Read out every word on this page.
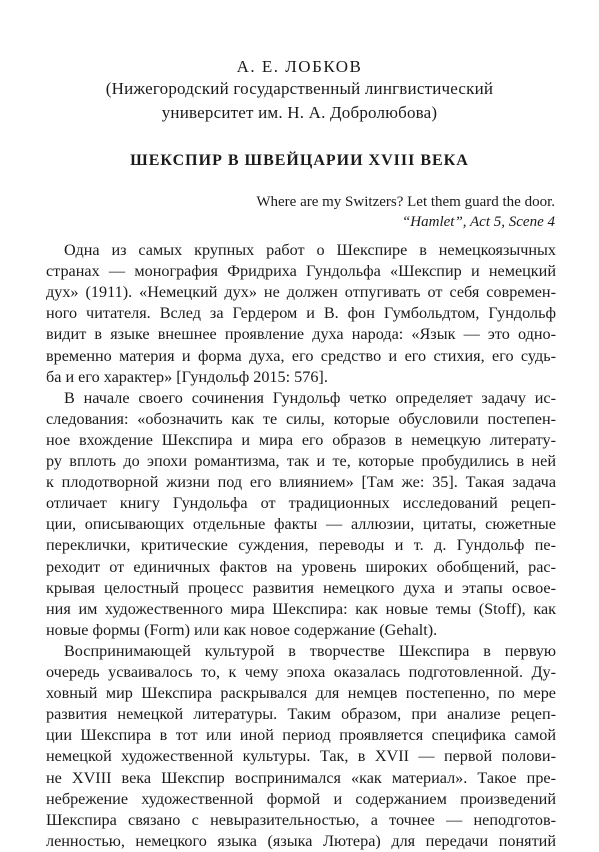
А. Е. ЛОБКОВ
(Нижегородский государственный лингвистический
университет им. Н. А. Добролюбова)
ШЕКСПИР В ШВЕЙЦАРИИ XVIII ВЕКА
Where are my Switzers? Let them guard the door.
“Hamlet”, Act 5, Scene 4
Одна из самых крупных работ о Шекспире в немецкоязычных
странах — монография Фридриха Гундольфа «Шекспир и немецкий
дух» (1911). «Немецкий дух» не должен отпугивать от себя современ-
ного читателя. Вслед за Гердером и В. фон Гумбольдтом, Гундольф
видит в языке внешнее проявление духа народа: «Язык — это одно-
временно материя и форма духа, его средство и его стихия, его судь-
ба и его характер» [Гундольф 2015: 576].
В начале своего сочинения Гундольф четко определяет задачу ис-
следования: «обозначить как те силы, которые обусловили постепен-
ное вхождение Шекспира и мира его образов в немецкую литерату-
ру вплоть до эпохи романтизма, так и те, которые пробудились в ней
к плодотворной жизни под его влиянием» [Там же: 35]. Такая задача
отличает книгу Гундольфа от традиционных исследований рецеп-
ции, описывающих отдельные факты — аллюзии, цитаты, сюжетные
переклички, критические суждения, переводы и т. д. Гундольф пе-
реходит от единичных фактов на уровень широких обобщений, рас-
крывая целостный процесс развития немецкого духа и этапы освое-
ния им художественного мира Шекспира: как новые темы (Stoff), как
новые формы (Form) или как новое содержание (Gehalt).
Воспринимающей культурой в творчестве Шекспира в первую
очередь усваивалось то, к чему эпоха оказалась подготовленной. Ду-
ховный мир Шекспира раскрывался для немцев постепенно, по мере
развития немецкой литературы. Таким образом, при анализе рецеп-
ции Шекспира в тот или иной период проявляется специфика самой
немецкой художественной культуры. Так, в XVII — первой полови-
не XVIII века Шекспир воспринимался «как материал». Такое пре-
небрежение художественной формой и содержанием произведений
Шекспира связано с невыразительностью, а точнее — неподготов-
ленностью, немецкого языка (языка Лютера) для передачи понятий
